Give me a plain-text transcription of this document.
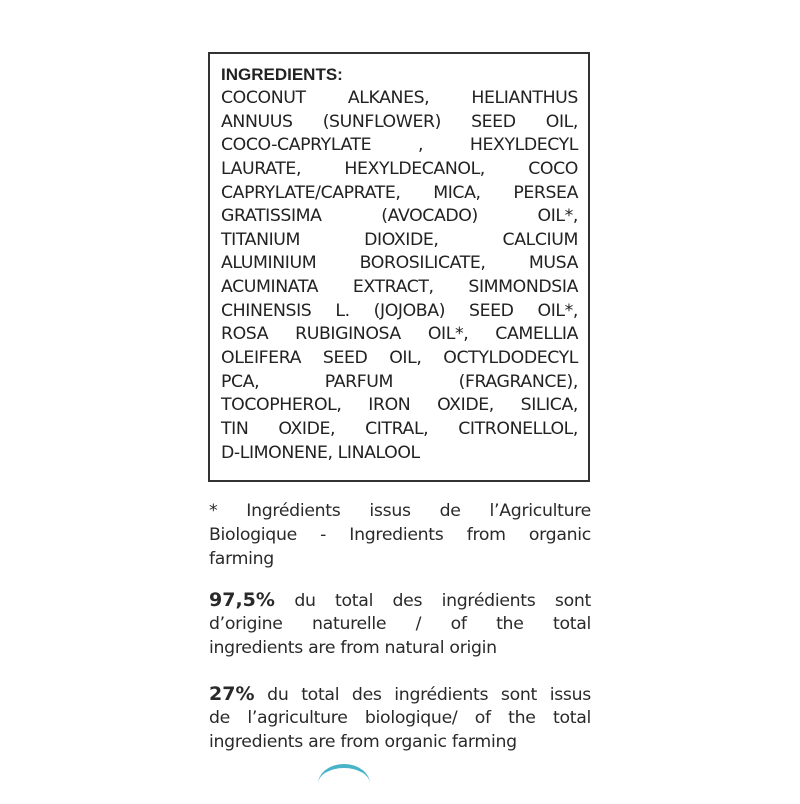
INGREDIENTS:
COCONUT ALKANES, HELIANTHUS
ANNUUS (SUNFLOWER) SEED OIL,
COCO-CAPRYLATE , HEXYLDECYL
LAURATE, HEXYLDECANOL, COCO
CAPRYLATE/CAPRATE, MICA, PERSEA
GRATISSIMA (AVOCADO) OIL*,
TITANIUM DIOXIDE, CALCIUM
ALUMINIUM BOROSILICATE, MUSA
ACUMINATA EXTRACT, SIMMONDSIA
CHINENSIS L. (JOJOBA) SEED OIL*,
ROSA RUBIGINOSA OIL*, CAMELLIA
OLEIFERA SEED OIL, OCTYLDODECYL
PCA, PARFUM (FRAGRANCE),
TOCOPHEROL, IRON OXIDE, SILICA,
TIN OXIDE, CITRAL, CITRONELLOL,
D-LIMONENE, LINALOOL
* Ingrédients issus de l’Agriculture
Biologique - Ingredients from organic
farming
97,5% du total des ingrédients sont
d’origine naturelle / of the total
ingredients are from natural origin
27% du total des ingrédients sont issus
de l’agriculture biologique/ of the total
ingredients are from organic farming
